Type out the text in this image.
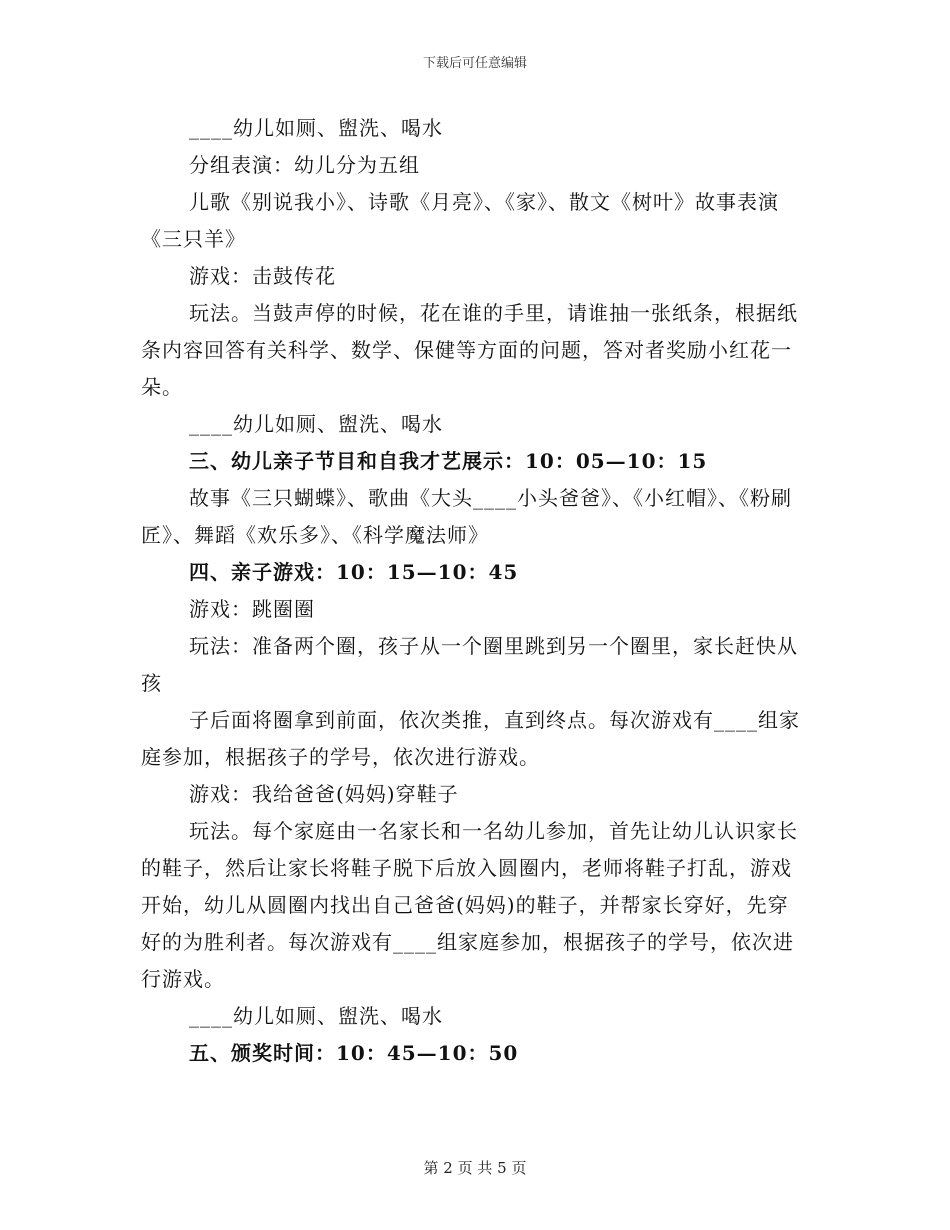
下载后可任意编辑

____幼儿如厕、盥洗、喝水

分组表演：幼儿分为五组

儿歌《别说我小》、诗歌《月亮》、《家》、散文《树叶》故事表演《三只羊》

游戏：击鼓传花

玩法。当鼓声停的时候，花在谁的手里，请谁抽一张纸条，根据纸条内容回答有关科学、数学、保健等方面的问题，答对者奖励小红花一朵。

____幼儿如厕、盥洗、喝水

三、幼儿亲子节目和自我才艺展示：10：05—10：15

故事《三只蝴蝶》、歌曲《大头____小头爸爸》、《小红帽》、《粉刷匠》、舞蹈《欢乐多》、《科学魔法师》

四、亲子游戏：10：15—10：45

游戏：跳圈圈

玩法：准备两个圈，孩子从一个圈里跳到另一个圈里，家长赶快从孩

子后面将圈拿到前面，依次类推，直到终点。每次游戏有____组家庭参加，根据孩子的学号，依次进行游戏。

游戏：我给爸爸(妈妈)穿鞋子

玩法。每个家庭由一名家长和一名幼儿参加，首先让幼儿认识家长的鞋子，然后让家长将鞋子脱下后放入圆圈内，老师将鞋子打乱，游戏开始，幼儿从圆圈内找出自己爸爸(妈妈)的鞋子，并帮家长穿好，先穿好的为胜利者。每次游戏有____组家庭参加，根据孩子的学号，依次进行游戏。

____幼儿如厕、盥洗、喝水

五、颁奖时间：10：45—10：50

第 2 页 共 5 页
